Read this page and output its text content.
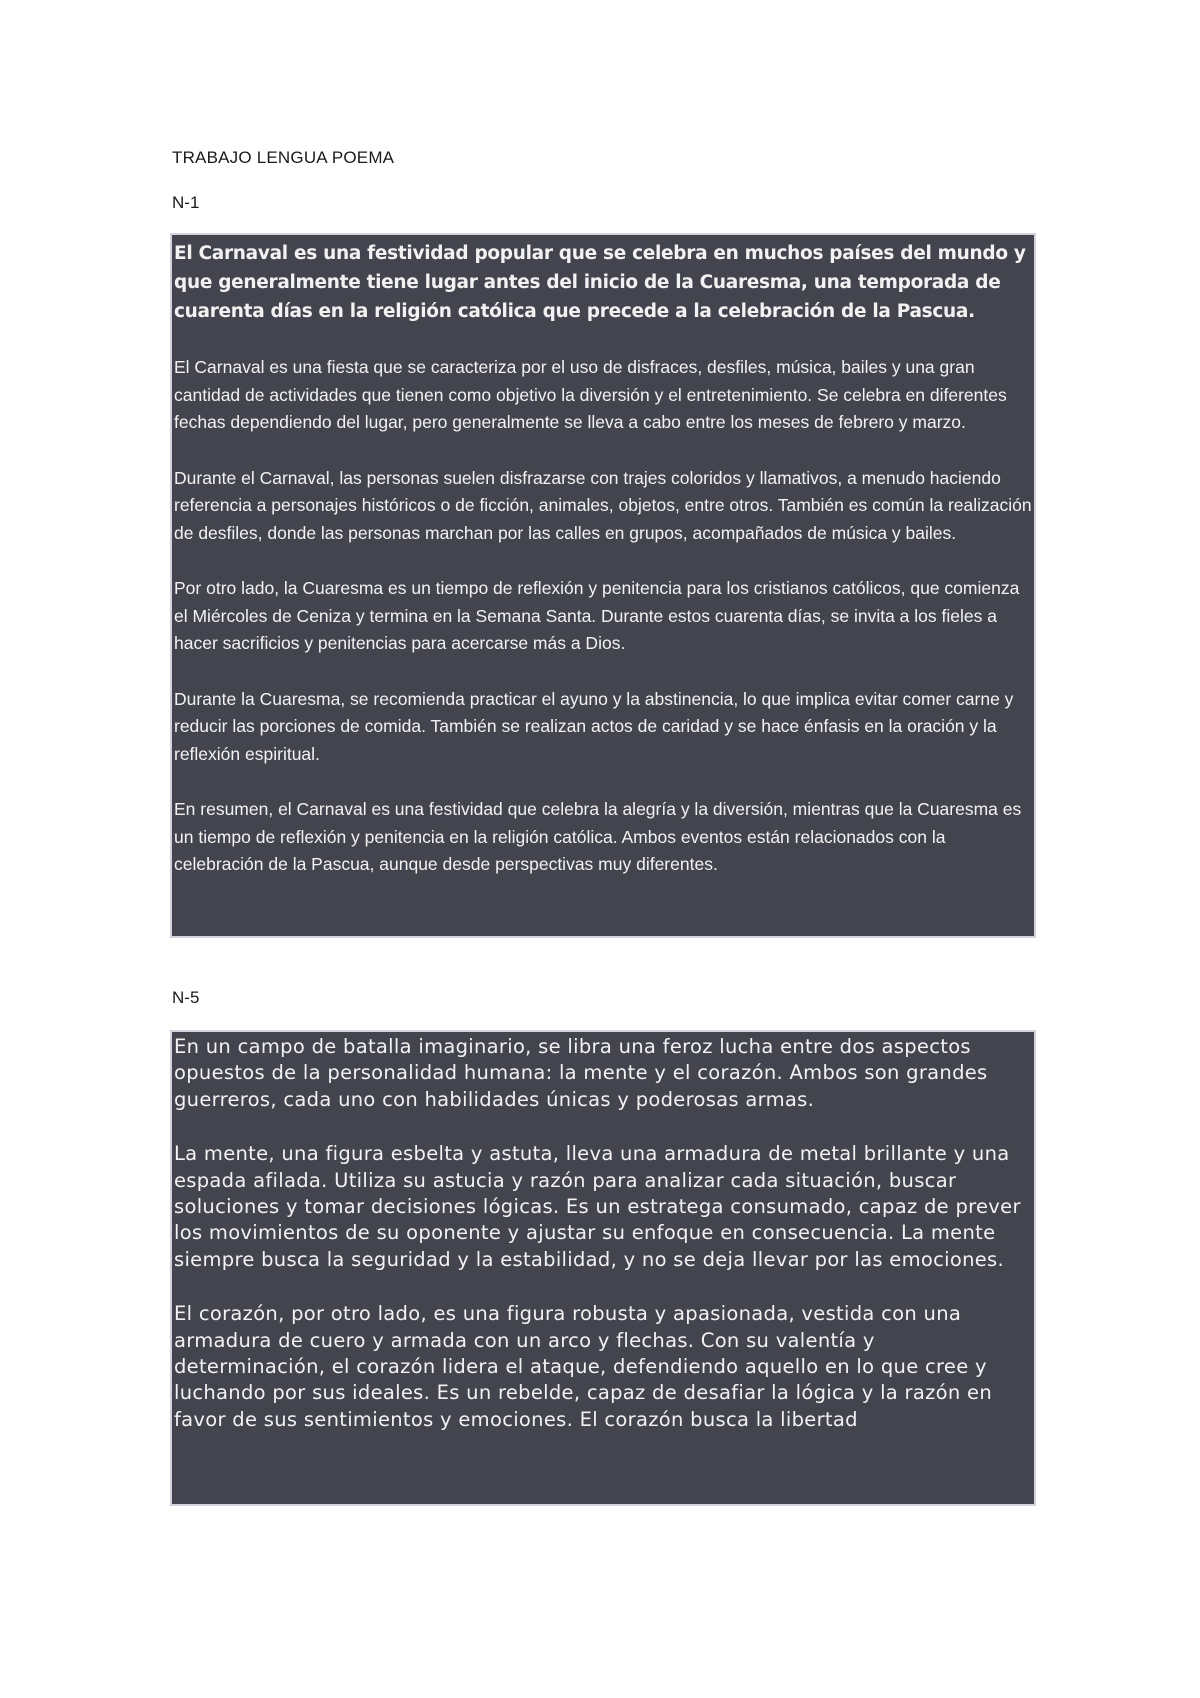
TRABAJO LENGUA POEMA
N-1

El Carnaval es una festividad popular que se celebra en muchos países del mundo y que generalmente tiene lugar antes del inicio de la Cuaresma, una temporada de cuarenta días en la religión católica que precede a la celebración de la Pascua.

El Carnaval es una fiesta que se caracteriza por el uso de disfraces, desfiles, música, bailes y una gran cantidad de actividades que tienen como objetivo la diversión y el entretenimiento. Se celebra en diferentes fechas dependiendo del lugar, pero generalmente se lleva a cabo entre los meses de febrero y marzo.

Durante el Carnaval, las personas suelen disfrazarse con trajes coloridos y llamativos, a menudo haciendo referencia a personajes históricos o de ficción, animales, objetos, entre otros. También es común la realización de desfiles, donde las personas marchan por las calles en grupos, acompañados de música y bailes.

Por otro lado, la Cuaresma es un tiempo de reflexión y penitencia para los cristianos católicos, que comienza el Miércoles de Ceniza y termina en la Semana Santa. Durante estos cuarenta días, se invita a los fieles a hacer sacrificios y penitencias para acercarse más a Dios.

Durante la Cuaresma, se recomienda practicar el ayuno y la abstinencia, lo que implica evitar comer carne y reducir las porciones de comida. También se realizan actos de caridad y se hace énfasis en la oración y la reflexión espiritual.

En resumen, el Carnaval es una festividad que celebra la alegría y la diversión, mientras que la Cuaresma es un tiempo de reflexión y penitencia en la religión católica. Ambos eventos están relacionados con la celebración de la Pascua, aunque desde perspectivas muy diferentes.

N-5

En un campo de batalla imaginario, se libra una feroz lucha entre dos aspectos opuestos de la personalidad humana: la mente y el corazón. Ambos son grandes guerreros, cada uno con habilidades únicas y poderosas armas.

La mente, una figura esbelta y astuta, lleva una armadura de metal brillante y una espada afilada. Utiliza su astucia y razón para analizar cada situación, buscar soluciones y tomar decisiones lógicas. Es un estratega consumado, capaz de prever los movimientos de su oponente y ajustar su enfoque en consecuencia. La mente siempre busca la seguridad y la estabilidad, y no se deja llevar por las emociones.

El corazón, por otro lado, es una figura robusta y apasionada, vestida con una armadura de cuero y armada con un arco y flechas. Con su valentía y determinación, el corazón lidera el ataque, defendiendo aquello en lo que cree y luchando por sus ideales. Es un rebelde, capaz de desafiar la lógica y la razón en favor de sus sentimientos y emociones. El corazón busca la libertad
